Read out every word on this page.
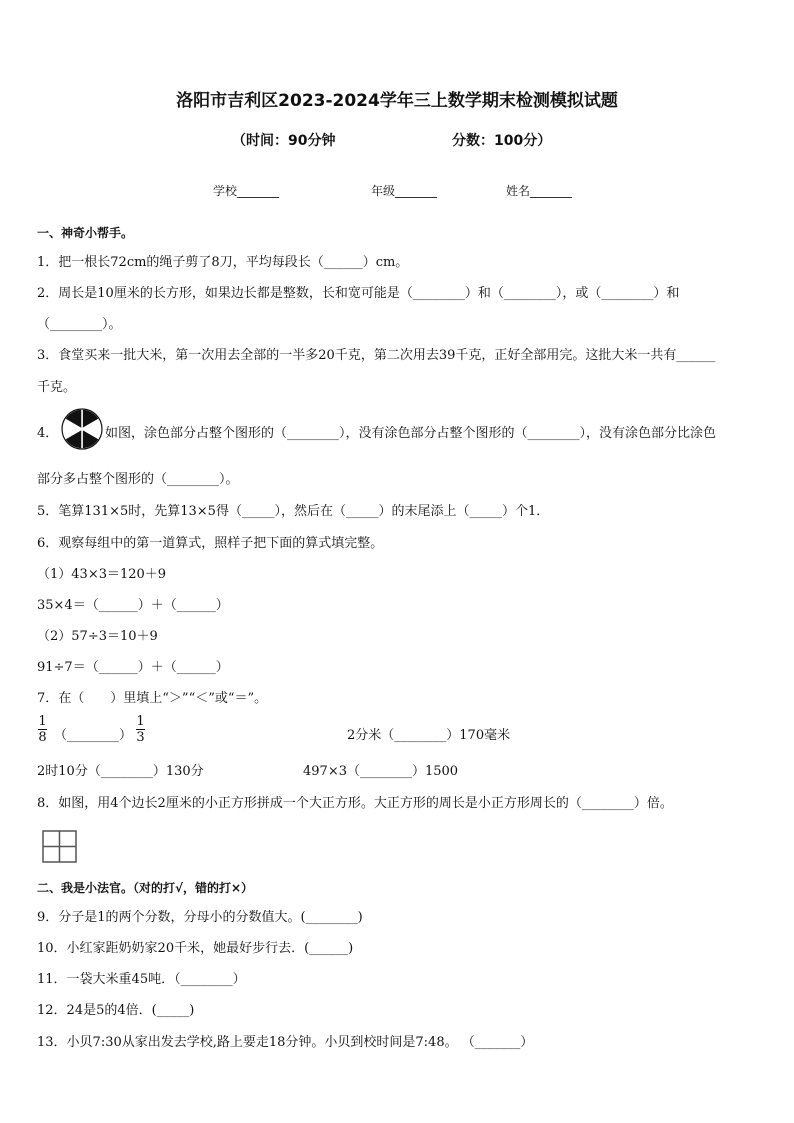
洛阳市吉利区2023-2024学年三上数学期末检测模拟试题
（时间：90分钟	分数：100分）
学校_______	年级_______	姓名_______
一、神奇小帮手。
1．把一根长72cm的绳子剪了8刀，平均每段长（______）cm。
2．周长是10厘米的长方形，如果边长都是整数，长和宽可能是（________）和（________），或（________）和
（________）。
3．食堂买来一批大米，第一次用去全部的一半多20千克，第二次用去39千克，正好全部用完。这批大米一共有______
千克。
4．	如图，涂色部分占整个图形的（________），没有涂色部分占整个图形的（________），没有涂色部分比涂色
部分多占整个图形的（________）。
5．笔算131×5时，先算13×5得（_____），然后在（_____）的末尾添上（_____）个1．
6．观察每组中的第一道算式，照样子把下面的算式填完整。
（1）43×3＝120＋9
35×4＝（______）＋（______）
（2）57÷3＝10＋9
91÷7＝（______）＋（______）
7．在（　　）里填上“＞”“＜”或“＝”。
1
8 （________）
1
3	2分米（________）170毫米
2时10分（________）130分	497×3（________）1500
8．如图，用4个边长2厘米的小正方形拼成一个大正方形。大正方形的周长是小正方形周长的（________）倍。
二、我是小法官。（对的打√，错的打×）
9．分子是1的两个分数，分母小的分数值大。(________)
10．小红家距奶奶家20千米，她最好步行去．(______)
11．一袋大米重45吨．（________）
12．24是5的4倍．(_____)
13．小贝7:30从家出发去学校,路上要走18分钟。小贝到校时间是7:48。 （_______）
